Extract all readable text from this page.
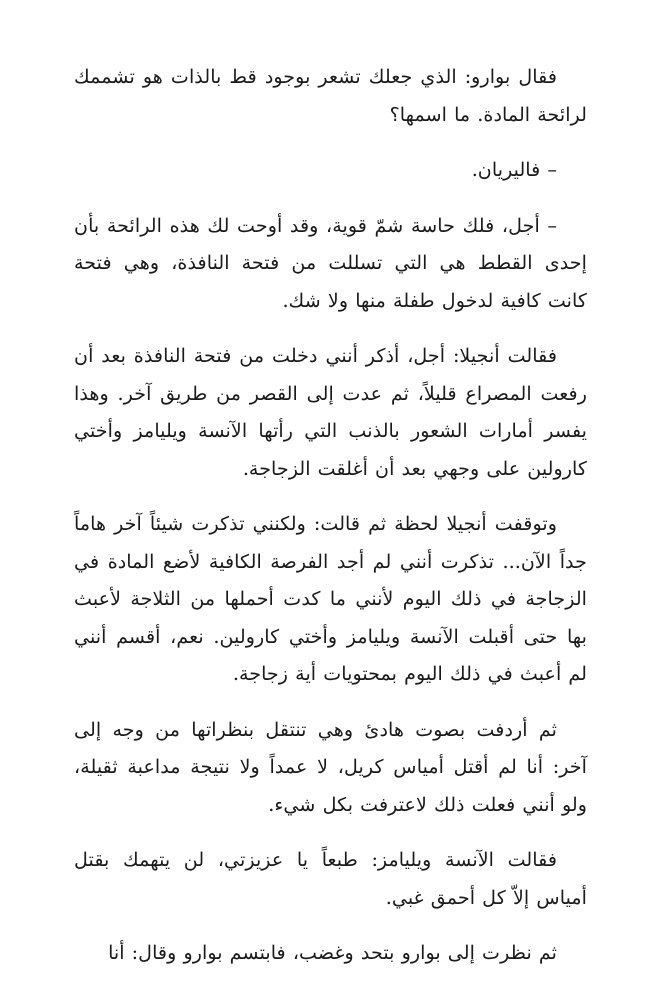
فقال بوارو: الذي جعلك تشعر بوجود قط بالذات هو تشممك لرائحة المادة. ما اسمها؟

– فاليريان.

– أجل، فلك حاسة شمّ قوية، وقد أوحت لك هذه الرائحة بأن إحدى القطط هي التي تسللت من فتحة النافذة، وهي فتحة كانت كافية لدخول طفلة منها ولا شك.

فقالت أنجيلا: أجل، أذكر أنني دخلت من فتحة النافذة بعد أن رفعت المصراع قليلاً، ثم عدت إلى القصر من طريق آخر. وهذا يفسر أمارات الشعور بالذنب التي رأتها الآنسة ويليامز وأختي كارولين على وجهي بعد أن أغلقت الزجاجة.

وتوقفت أنجيلا لحظة ثم قالت: ولكنني تذكرت شيئاً آخر هاماً جداً الآن... تذكرت أنني لم أجد الفرصة الكافية لأضع المادة في الزجاجة في ذلك اليوم لأنني ما كدت أحملها من الثلاجة لأعبث بها حتى أقبلت الآنسة ويليامز وأختي كارولين. نعم، أقسم أنني لم أعبث في ذلك اليوم بمحتويات أية زجاجة.

ثم أردفت بصوت هادئ وهي تنتقل بنظراتها من وجه إلى آخر: أنا لم أقتل أمياس كريل، لا عمداً ولا نتيجة مداعبة ثقيلة، ولو أنني فعلت ذلك لاعترفت بكل شيء.

فقالت الآنسة ويليامز: طبعاً يا عزيزتي، لن يتهمك بقتل أمياس إلاّ كل أحمق غبي.

ثم نظرت إلى بوارو بتحد وغضب، فابتسم بوارو وقال: أنا
